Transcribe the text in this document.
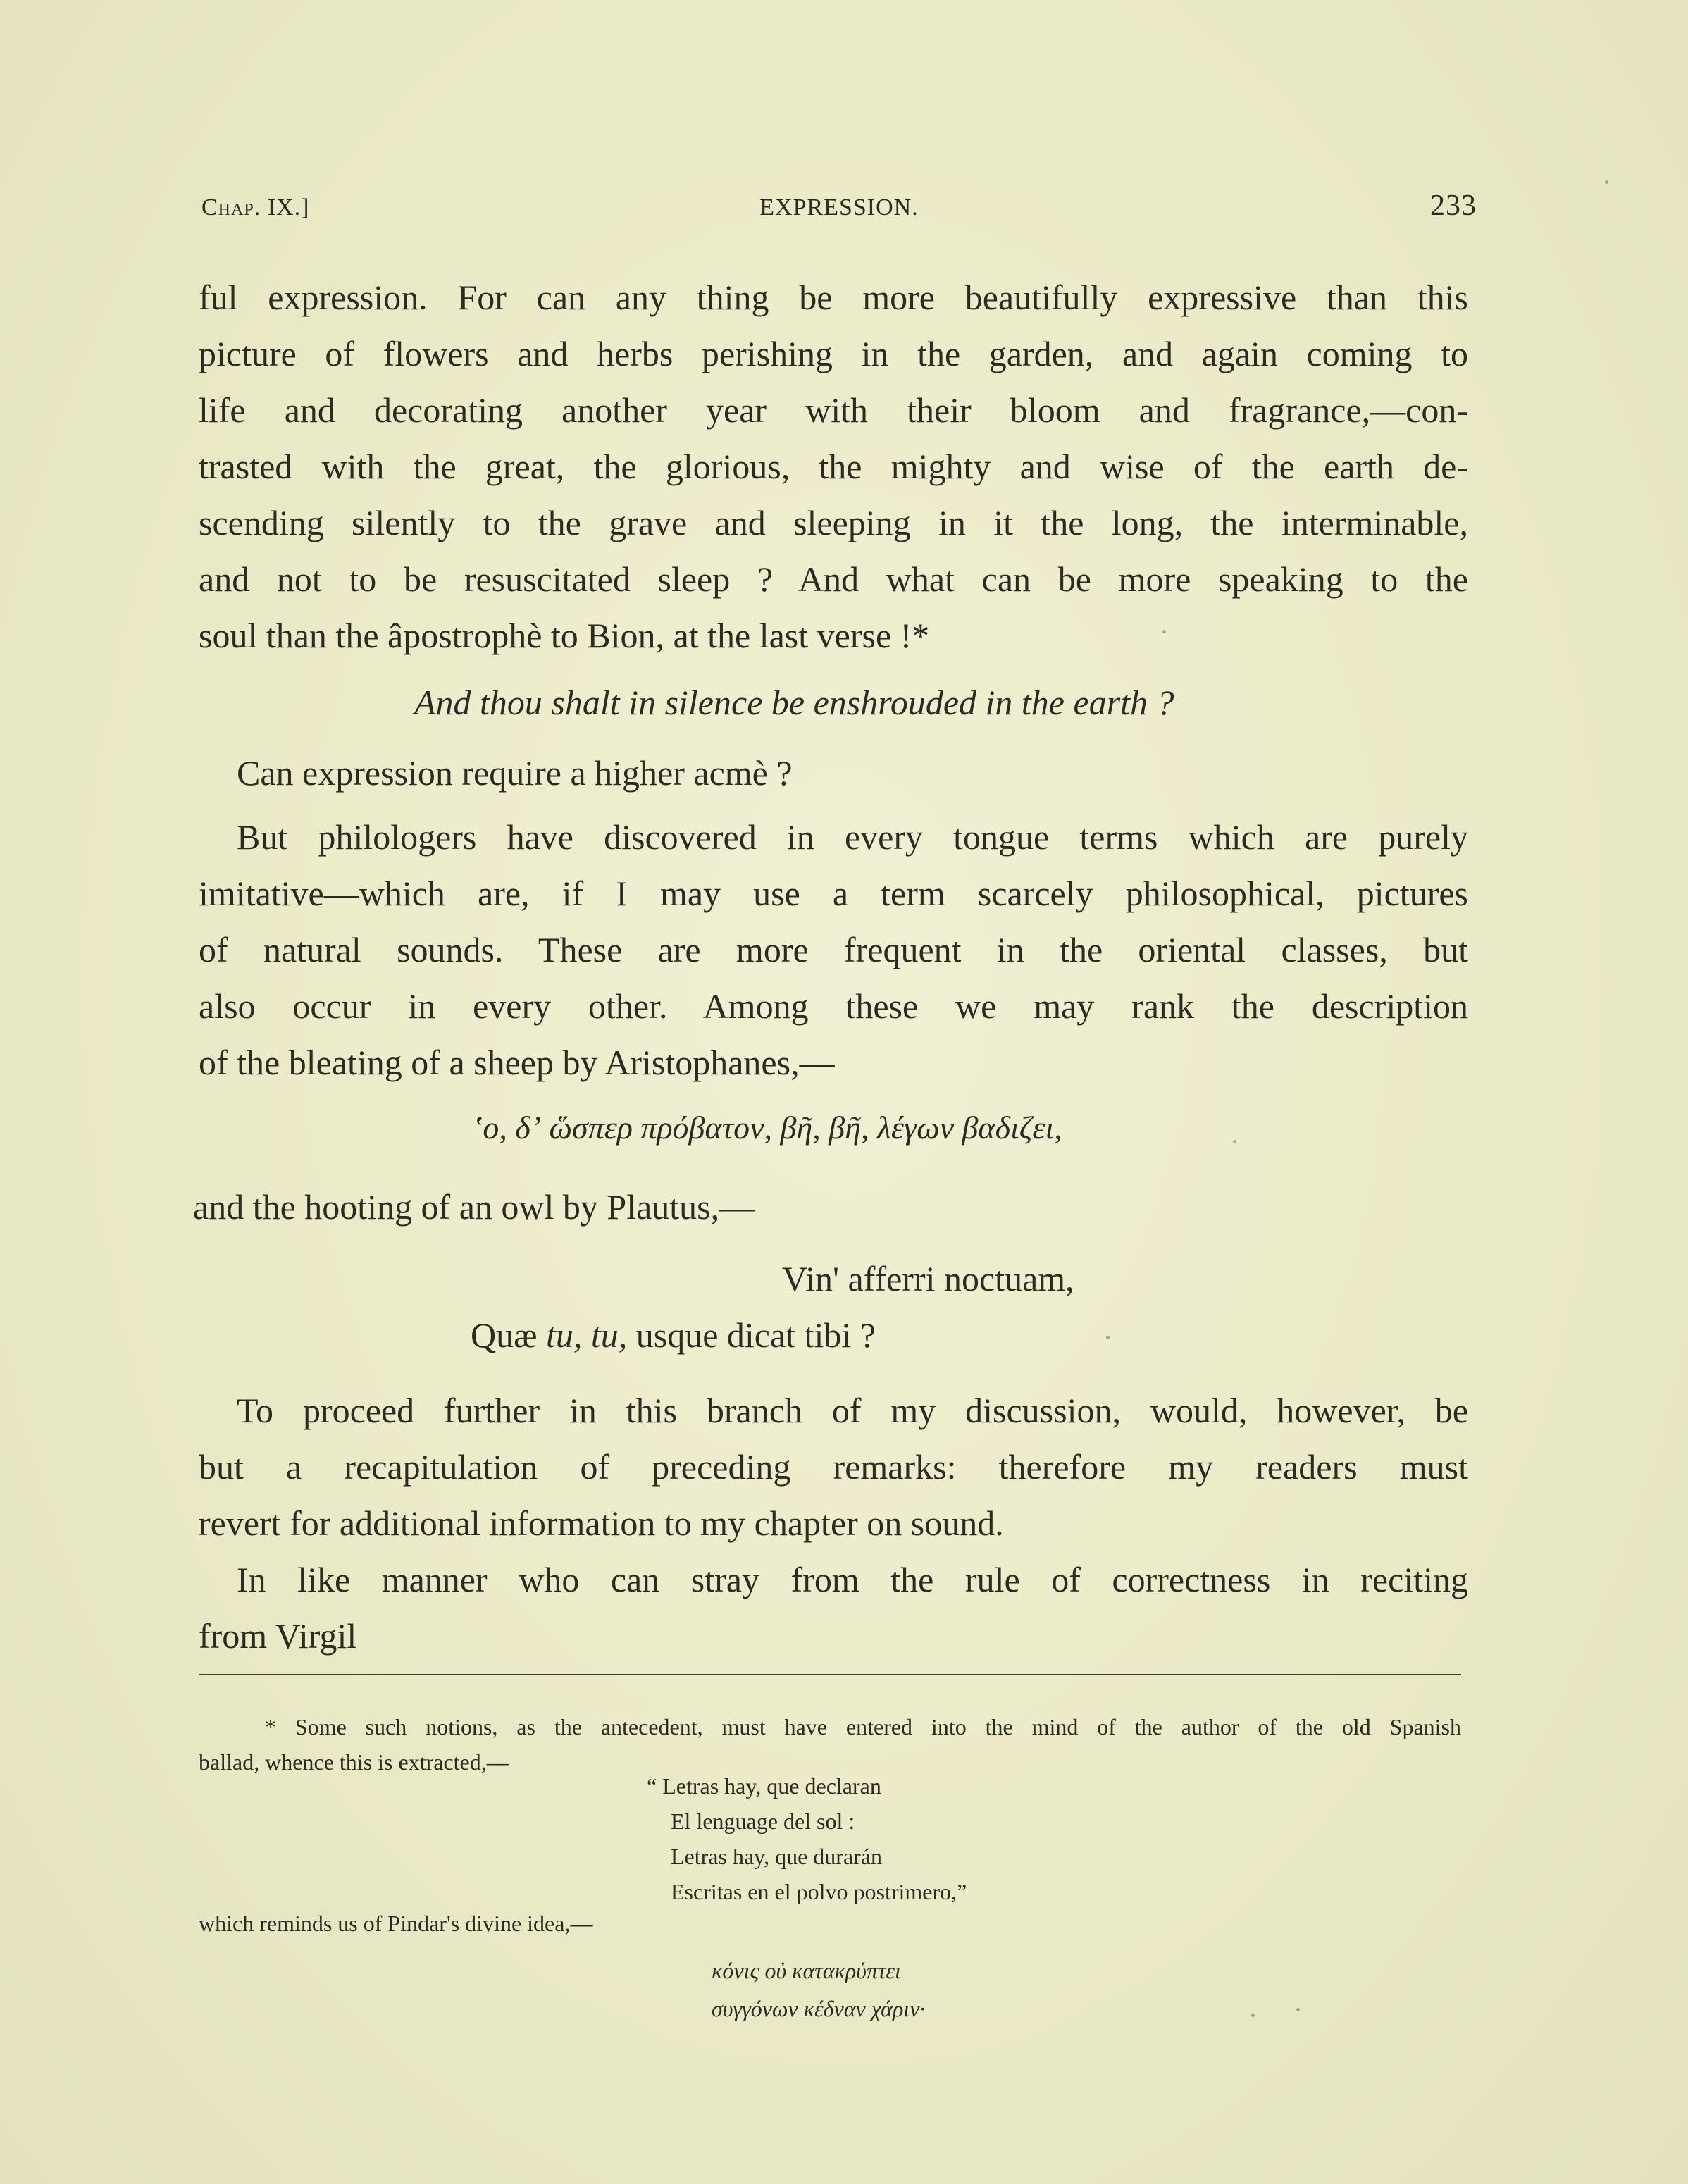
Chap. IX.]	EXPRESSION.	233
ful expression. For can any thing be more beautifully expressive than this
picture of flowers and herbs perishing in the garden, and again coming to
life and decorating another year with their bloom and fragrance,—con-
trasted with the great, the glorious, the mighty and wise of the earth de-
scending silently to the grave and sleeping in it the long, the interminable,
and not to be resuscitated sleep ? And what can be more speaking to the
soul than the âpostrophè to Bion, at the last verse !*
And thou shalt in silence be enshrouded in the earth ?
Can expression require a higher acmè ?
But philologers have discovered in every tongue terms which are purely
imitative—which are, if I may use a term scarcely philosophical, pictures
of natural sounds. These are more frequent in the oriental classes, but
also occur in every other. Among these we may rank the description
of the bleating of a sheep by Aristophanes,—
ʽο, δʼ ὥσπερ πρόβατον, βῆ, βῆ, λέγων βαδιζει,
and the hooting of an owl by Plautus,—
Vin' afferri noctuam,
Quæ tu, tu, usque dicat tibi ?
To proceed further in this branch of my discussion, would, however, be
but a recapitulation of preceding remarks: therefore my readers must
revert for additional information to my chapter on sound.
In like manner who can stray from the rule of correctness in reciting
from Virgil
* Some such notions, as the antecedent, must have entered into the mind of the author of the old Spanish
ballad, whence this is extracted,—
“ Letras hay, que declaran
El lenguage del sol :
Letras hay, que durarán
Escritas en el polvo postrimero,”
which reminds us of Pindar's divine idea,—
κόνις οὐ κατακρύπτει
συγγόνων κέδναν χάριν·
